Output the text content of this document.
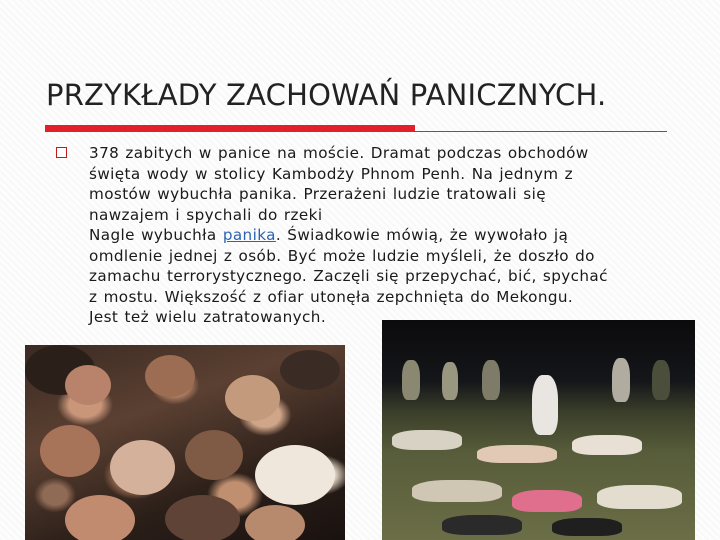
PRZYKŁADY ZACHOWAŃ PANICZNYCH.
378 zabitych w panice na moście. Dramat podczas obchodów
święta wody w stolicy Kambodży Phnom Penh. Na jednym z
mostów wybuchła panika. Przerażeni ludzie tratowali się
nawzajem i spychali do rzeki
Nagle wybuchła panika. Świadkowie mówią, że wywołało ją
omdlenie jednej z osób. Być może ludzie myśleli, że doszło do
zamachu terrorystycznego. Zaczęli się przepychać, bić, spychać
z mostu. Większość z ofiar utonęła zepchnięta do Mekongu.
Jest też wielu zatratowanych.
